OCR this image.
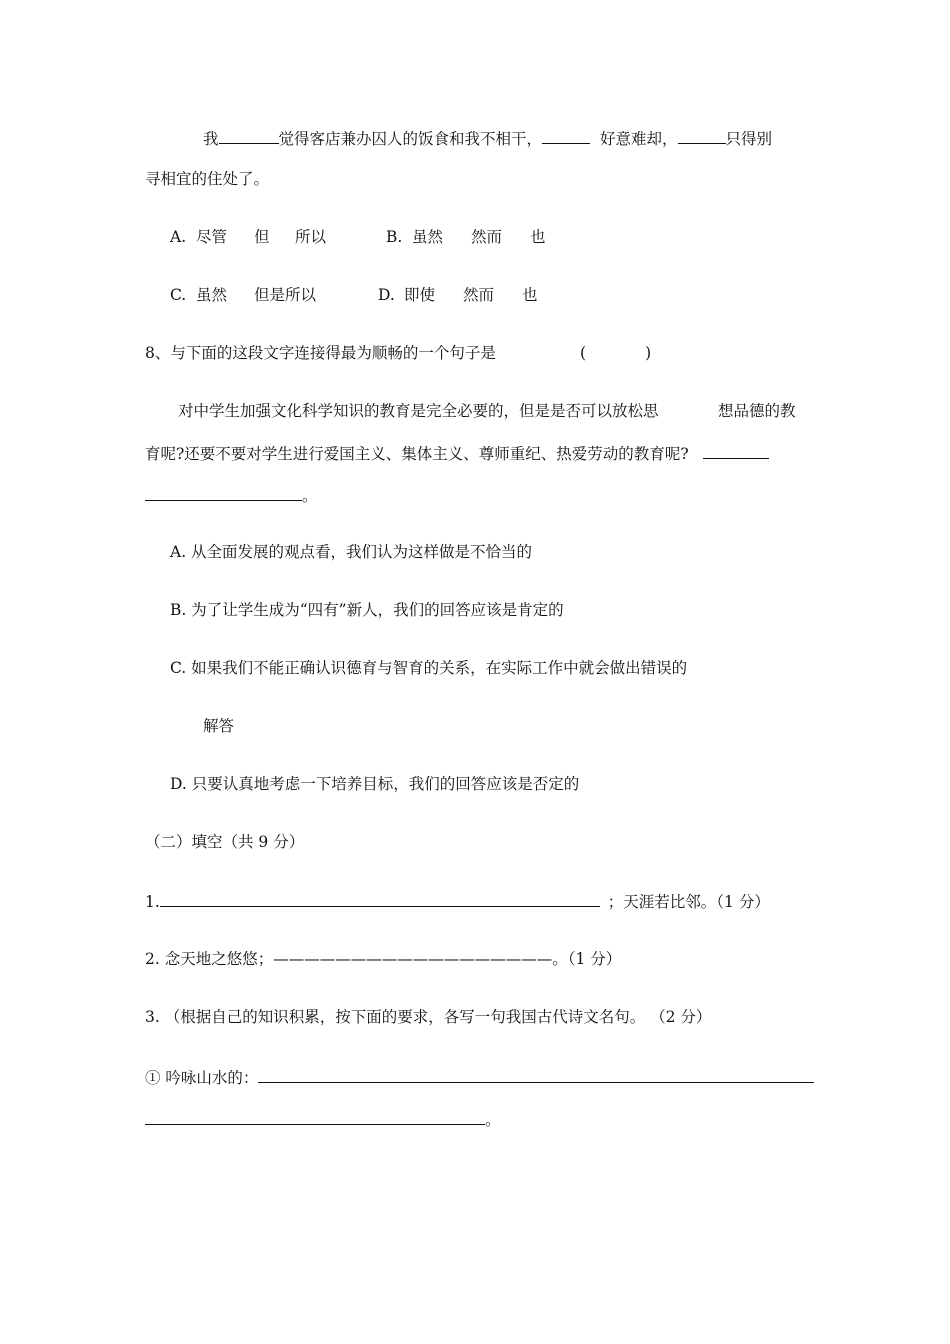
我	觉得客店兼办囚人的饭食和我不相干，	好意难却，	只得别
寻相宜的住处了。
A. 尽管 但 所以	B. 虽然 然而 也
C. 虽然 但是所以	D. 即使 然而 也
8、与下面的这段文字连接得最为顺畅的一个句子是	(            )
对中学生加强文化科学知识的教育是完全必要的，但是是否可以放松思	想品德的教
育呢?还要不要对学生进行爱国主义、集体主义、尊师重纪、热爱劳动的教育呢?
。
A. 从全面发展的观点看，我们认为这样做是不恰当的
B. 为了让学生成为“四有”新人，我们的回答应该是肯定的
C. 如果我们不能正确认识德育与智育的关系，在实际工作中就会做出错误的
解答
D. 只要认真地考虑一下培养目标，我们的回答应该是否定的
（二）填空（共 9 分）
1.	；天涯若比邻。（1 分）
2. 念天地之悠悠；——————————————————。（1 分）
3. （根据自己的知识积累，按下面的要求，各写一句我国古代诗文名句。 （2 分）
① 吟咏山水的：
。
